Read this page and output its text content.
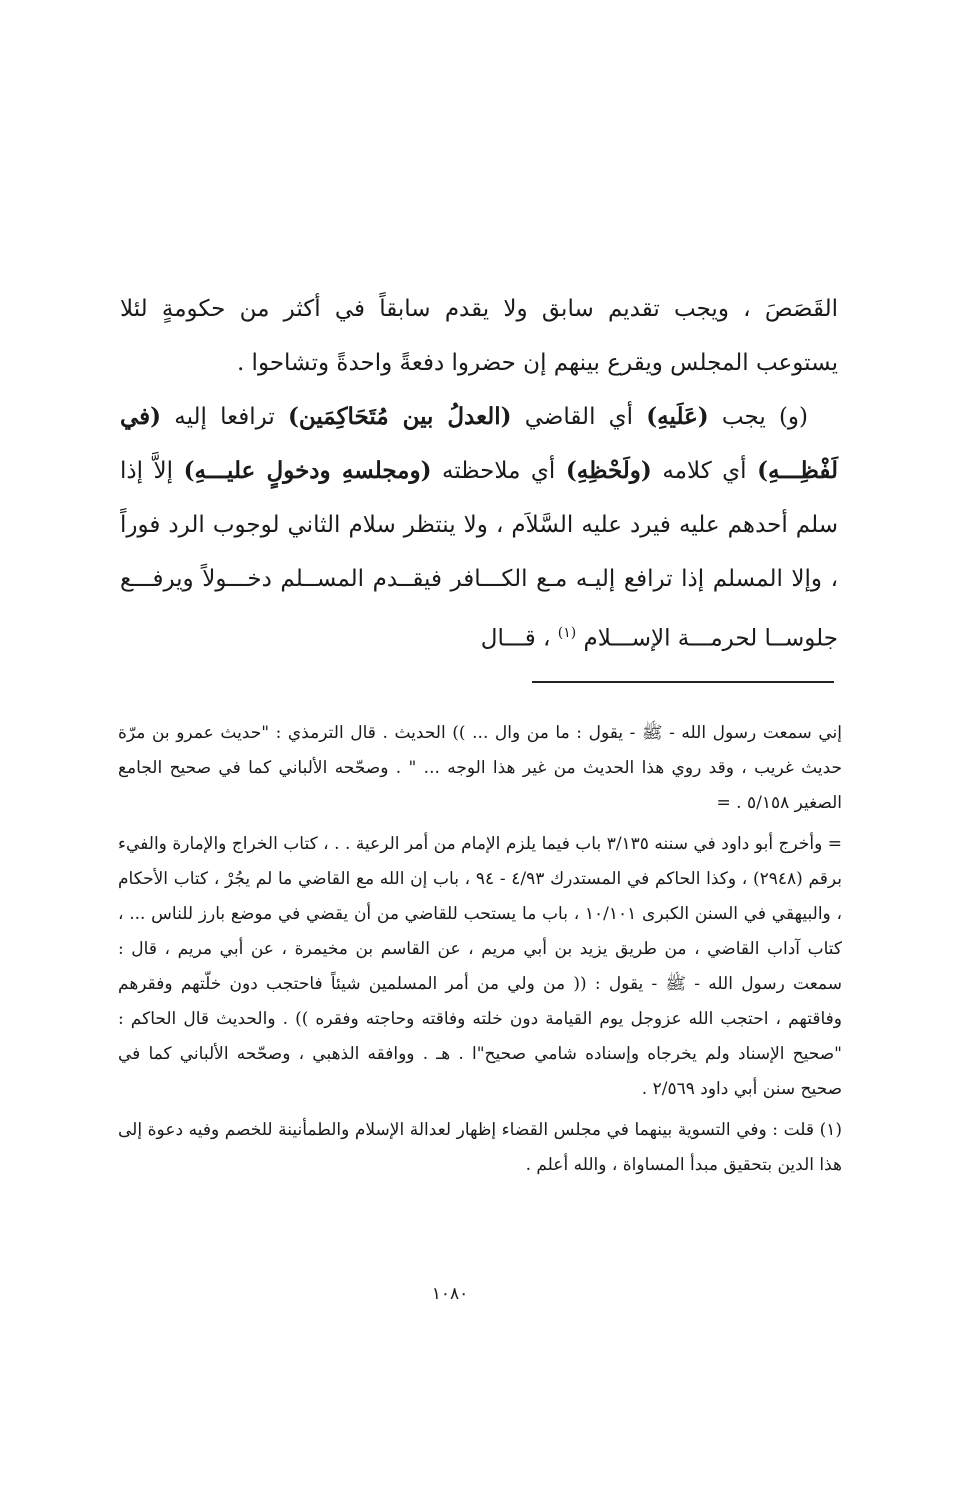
القَصَصَ ، ويجب تقديم سابق ولا يقدم سابقاً في أكثر من حكومةٍ لئلا يستوعب المجلس ويقرع بينهم إن حضروا دفعةً واحدةً وتشاحوا .

(و) يجب (عَلَيهِ) أي القاضي (العدلُ بين مُتَحَاكِمَين) ترافعا إليه (في لَفْظِـــهِ) أي كلامه (ولَحْظِهِ) أي ملاحظته (ومجلسهِ ودخولٍ عليـــهِ) إلاَّ إذا سلم أحدهم عليه فيرد عليه السَّلاَم ، ولا ينتظر سلام الثاني لوجوب الرد فوراً ، وإلا المسلم إذا ترافع إليـه مـع الكـــافر فيقــدم المســلم دخـــولاً ويرفـــع جلوســا لحرمـــة الإســـلام $^{(١)}$ ، قـــال

إني سمعت رسول الله - ﷺ - يقول : ما من وال ... )) الحديث . قال الترمذي : "حديث عمرو بن مرّة حديث غريب ، وقد روي هذا الحديث من غير هذا الوجه ... " . وصحّحه الألباني كما في صحيح الجامع الصغير ٥/١٥٨ . =

= وأخرج أبو داود في سننه ٣/١٣٥ باب فيما يلزم الإمام من أمر الرعية . . ، كتاب الخراج والإمارة والفيء برقم (٢٩٤٨) ، وكذا الحاكم في المستدرك ٤/٩٣ - ٩٤ ، باب إن الله مع القاضي ما لم يجُرْ ، كتاب الأحكام ، والبيهقي في السنن الكبرى ١٠/١٠١ ، باب ما يستحب للقاضي من أن يقضي في موضع بارز للناس ... ، كتاب آداب القاضي ، من طريق يزيد بن أبي مريم ، عن القاسم بن مخيمرة ، عن أبي مريم ، قال : سمعت رسول الله - ﷺ - يقول : (( من ولي من أمر المسلمين شيئاً فاحتجب دون خلّتهم وفقرهم وفاقتهم ، احتجب الله عزوجل يوم القيامة دون خلته وفاقته وحاجته وفقره )) . والحديث قال الحاكم : "صحيح الإسناد ولم يخرجاه وإسناده شامي صحيح"ا . هـ . ووافقه الذهبي ، وصحّحه الألباني كما في صحيح سنن أبي داود ٢/٥٦٩ .

(١) قلت : وفي التسوية بينهما في مجلس القضاء إظهار لعدالة الإسلام والطمأنينة للخصم وفيه دعوة إلى هذا الدين بتحقيق مبدأ المساواة ، والله أعلم .

١٠٨٠
